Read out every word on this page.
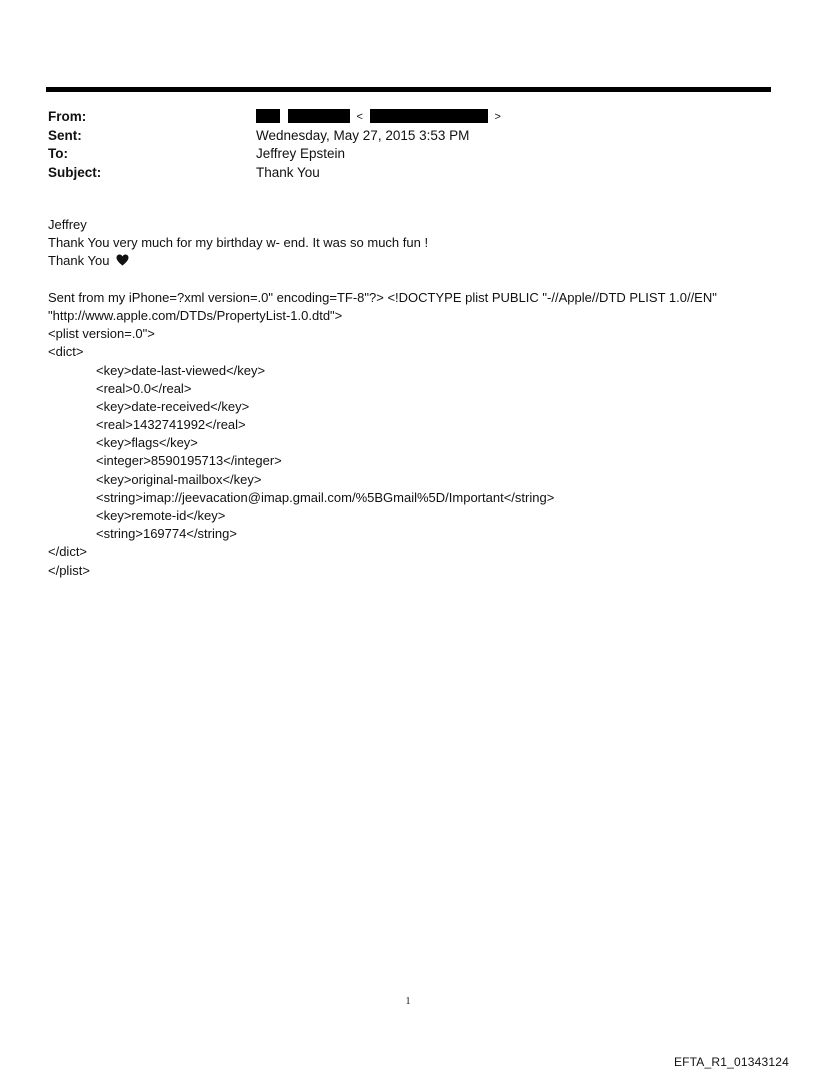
From:	<	>
Sent:	Wednesday, May 27, 2015 3:53 PM
To:	Jeffrey Epstein
Subject:	Thank You
Jeffrey
Thank You very much for my birthday w- end. It was so much fun !
Thank You
Sent from my iPhone=?xml version=.0" encoding=TF-8"?> <!DOCTYPE plist PUBLIC "-//Apple//DTD PLIST 1.0//EN"
"http://www.apple.com/DTDs/PropertyList-1.0.dtd">
<plist version=.0">
<dict>
<key>date-last-viewed</key>
<real>0.0</real>
<key>date-received</key>
<real>1432741992</real>
<key>flags</key>
<integer>8590195713</integer>
<key>original-mailbox</key>
<string>imap://jeevacation@imap.gmail.com/%5BGmail%5D/Important</string>
<key>remote-id</key>
<string>169774</string>
</dict>
</plist>
1
EFTA_R1_01343124
